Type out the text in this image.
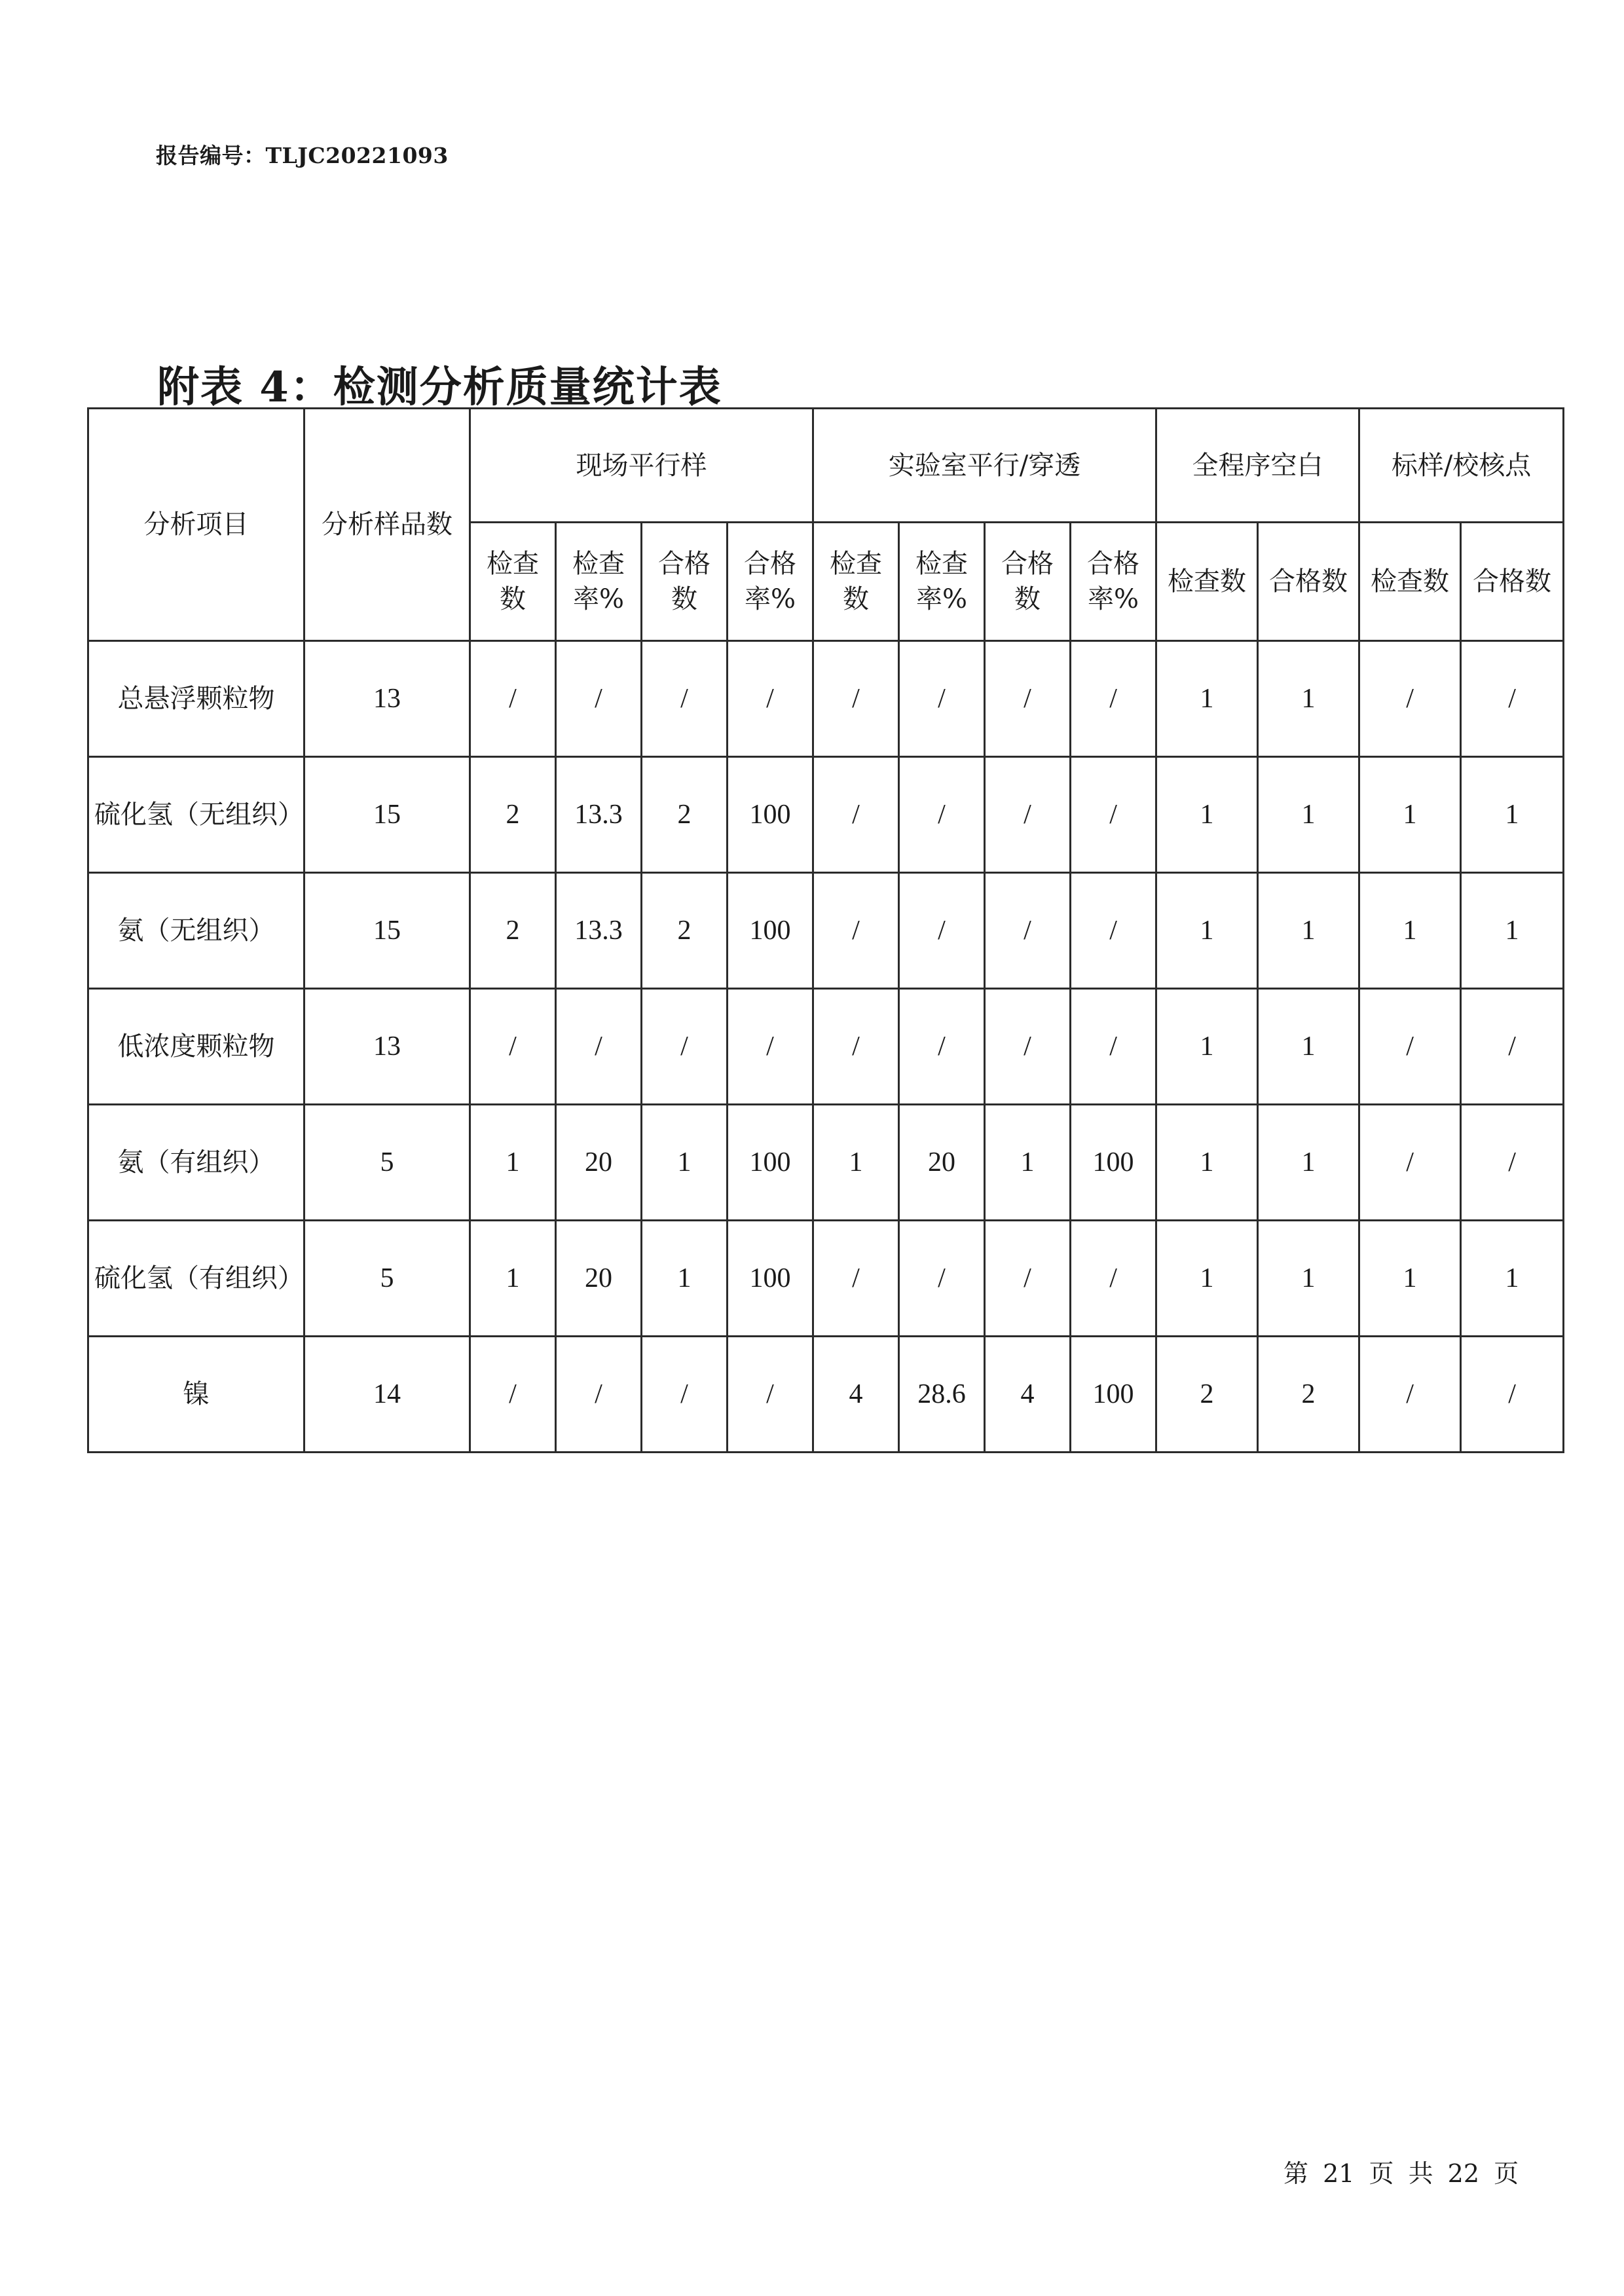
报告编号：TLJC20221093
附表 4：检测分析质量统计表
分析项目	分析样品数	现场平行样				实验室平行/穿透				全程序空白		标样/校核点	
		检查数	检查率%	合格数	合格率%	检查数	检查率%	合格数	合格率%	检查数	合格数	检查数	合格数
总悬浮颗粒物	13	/	/	/	/	/	/	/	/	1	1	/	/
硫化氢（无组织）	15	2	13.3	2	100	/	/	/	/	1	1	1	1
氨（无组织）	15	2	13.3	2	100	/	/	/	/	1	1	1	1
低浓度颗粒物	13	/	/	/	/	/	/	/	/	1	1	/	/
氨（有组织）	5	1	20	1	100	1	20	1	100	1	1	/	/
硫化氢（有组织）	5	1	20	1	100	/	/	/	/	1	1	1	1
镍	14	/	/	/	/	4	28.6	4	100	2	2	/	/
第 21 页 共 22 页
